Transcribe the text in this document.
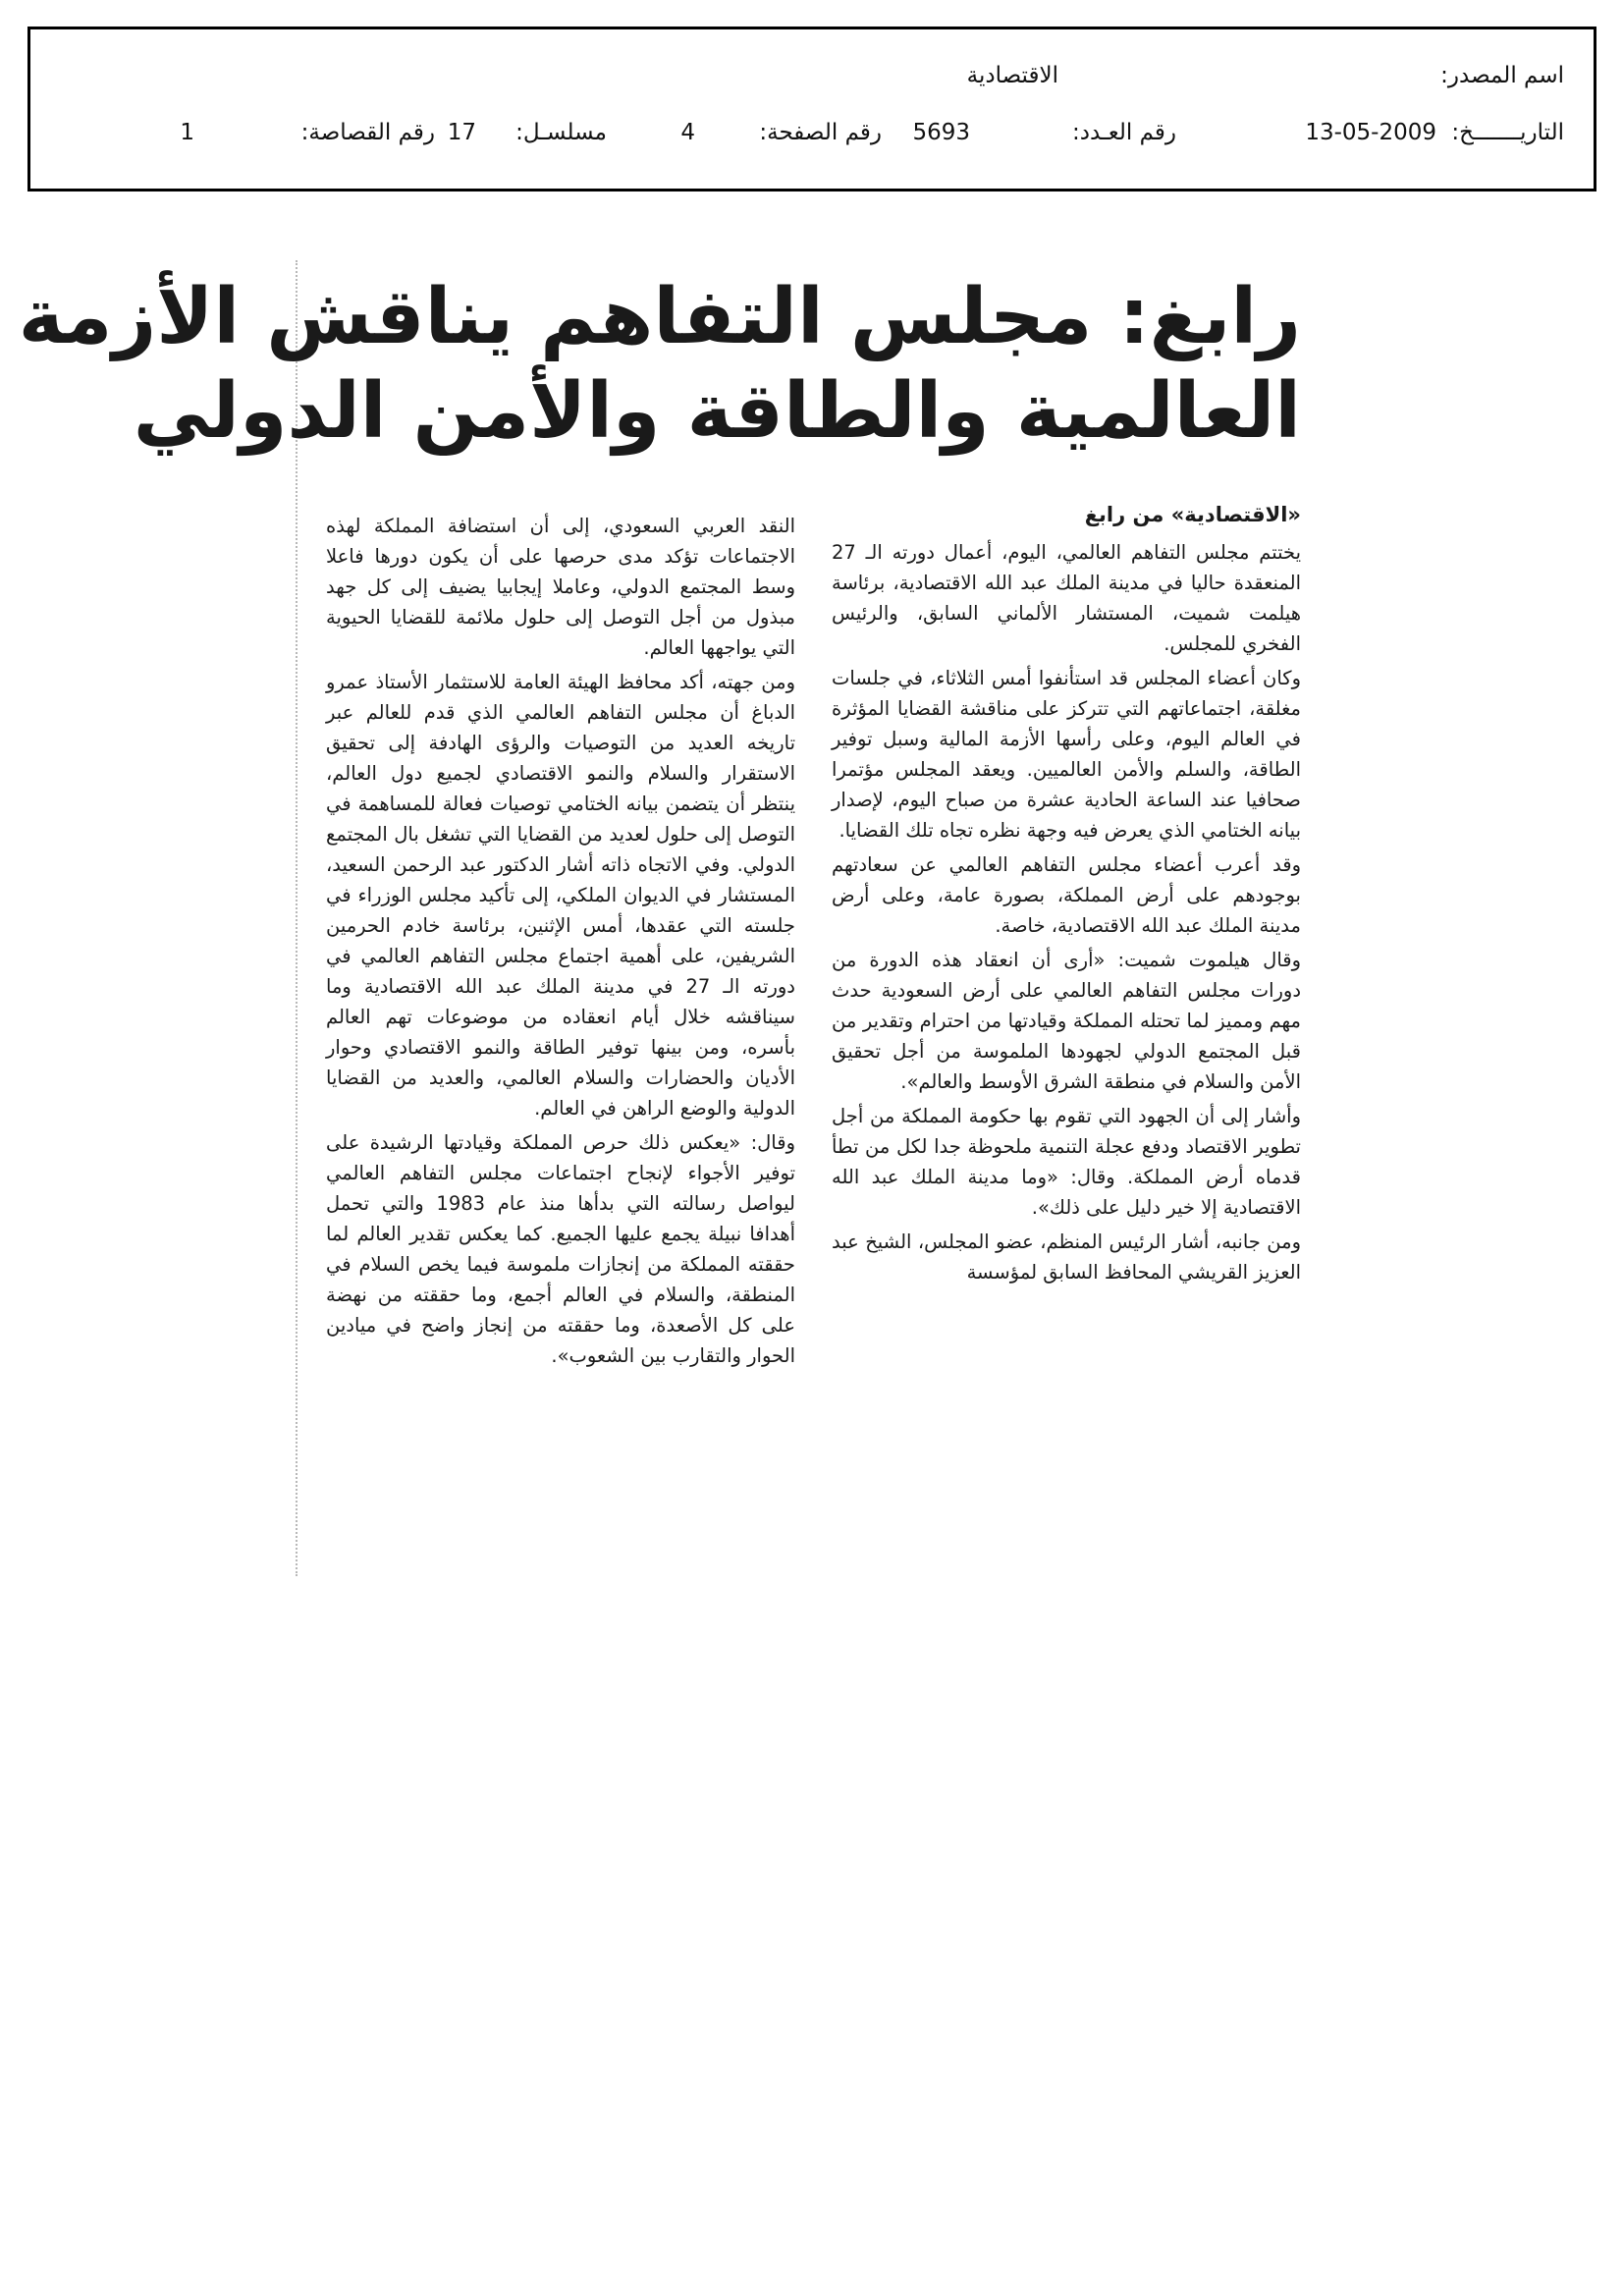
اسم المصدر:
الاقتصادية
التاريـــــــخ:
13-05-2009
رقم العـدد:
5693
رقم الصفحة:
4
مسلسـل:
17
رقم القصاصة:
1
رابغ: مجلس التفاهم يناقش الأزمة
العالمية والطاقة والأمن الدولي

«الاقتصادية» من رابغ

يختتم مجلس التفاهم العالمي، اليوم، أعمال دورته الـ 27 المنعقدة حاليا في مدينة الملك عبد الله الاقتصادية، برئاسة هيلمت شميت، المستشار الألماني السابق، والرئيس الفخري للمجلس.

وكان أعضاء المجلس قد استأنفوا أمس الثلاثاء، في جلسات مغلقة، اجتماعاتهم التي تتركز على مناقشة القضايا المؤثرة في العالم اليوم، وعلى رأسها الأزمة المالية وسبل توفير الطاقة، والسلم والأمن العالميين. ويعقد المجلس مؤتمرا صحافيا عند الساعة الحادية عشرة من صباح اليوم، لإصدار بيانه الختامي الذي يعرض فيه وجهة نظره تجاه تلك القضايا.

وقد أعرب أعضاء مجلس التفاهم العالمي عن سعادتهم بوجودهم على أرض المملكة، بصورة عامة، وعلى أرض مدينة الملك عبد الله الاقتصادية، خاصة.

وقال هيلموت شميت: «أرى أن انعقاد هذه الدورة من دورات مجلس التفاهم العالمي على أرض السعودية حدث مهم ومميز لما تحتله المملكة وقيادتها من احترام وتقدير من قبل المجتمع الدولي لجهودها الملموسة من أجل تحقيق الأمن والسلام في منطقة الشرق الأوسط والعالم».

وأشار إلى أن الجهود التي تقوم بها حكومة المملكة من أجل تطوير الاقتصاد ودفع عجلة التنمية ملحوظة جدا لكل من تطأ قدماه أرض المملكة. وقال: «وما مدينة الملك عبد الله الاقتصادية إلا خير دليل على ذلك».

ومن جانبه، أشار الرئيس المنظم، عضو المجلس، الشيخ عبد العزيز القريشي المحافظ السابق لمؤسسة

النقد العربي السعودي، إلى أن استضافة المملكة لهذه الاجتماعات تؤكد مدى حرصها على أن يكون دورها فاعلا وسط المجتمع الدولي، وعاملا إيجابيا يضيف إلى كل جهد مبذول من أجل التوصل إلى حلول ملائمة للقضايا الحيوية التي يواجهها العالم.

ومن جهته، أكد محافظ الهيئة العامة للاستثمار الأستاذ عمرو الدباغ أن مجلس التفاهم العالمي الذي قدم للعالم عبر تاريخه العديد من التوصيات والرؤى الهادفة إلى تحقيق الاستقرار والسلام والنمو الاقتصادي لجميع دول العالم، ينتظر أن يتضمن بيانه الختامي توصيات فعالة للمساهمة في التوصل إلى حلول لعديد من القضايا التي تشغل بال المجتمع الدولي. وفي الاتجاه ذاته أشار الدكتور عبد الرحمن السعيد، المستشار في الديوان الملكي، إلى تأكيد مجلس الوزراء في جلسته التي عقدها، أمس الإثنين، برئاسة خادم الحرمين الشريفين، على أهمية اجتماع مجلس التفاهم العالمي في دورته الـ 27 في مدينة الملك عبد الله الاقتصادية وما سيناقشه خلال أيام انعقاده من موضوعات تهم العالم بأسره، ومن بينها توفير الطاقة والنمو الاقتصادي وحوار الأديان والحضارات والسلام العالمي، والعديد من القضايا الدولية والوضع الراهن في العالم.

وقال: «يعكس ذلك حرص المملكة وقيادتها الرشيدة على توفير الأجواء لإنجاح اجتماعات مجلس التفاهم العالمي ليواصل رسالته التي بدأها منذ عام 1983 والتي تحمل أهدافا نبيلة يجمع عليها الجميع. كما يعكس تقدير العالم لما حققته المملكة من إنجازات ملموسة فيما يخص السلام في المنطقة، والسلام في العالم أجمع، وما حققته من نهضة على كل الأصعدة، وما حققته من إنجاز واضح في ميادين الحوار والتقارب بين الشعوب».
